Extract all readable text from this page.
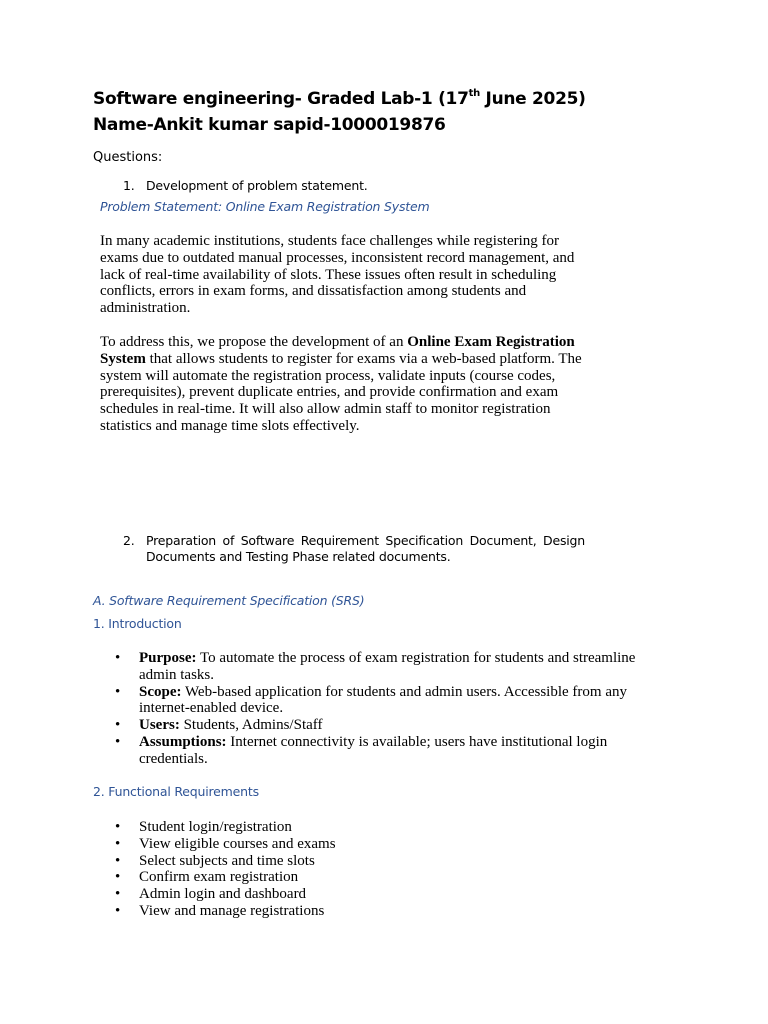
Software engineering- Graded Lab-1 (17th June 2025)
Name-Ankit kumar sapid-1000019876

Questions:

1. Development of problem statement.

Problem Statement: Online Exam Registration System

In many academic institutions, students face challenges while registering for exams due to outdated manual processes, inconsistent record management, and lack of real-time availability of slots. These issues often result in scheduling conflicts, errors in exam forms, and dissatisfaction among students and administration.

To address this, we propose the development of an Online Exam Registration System that allows students to register for exams via a web-based platform. The system will automate the registration process, validate inputs (course codes, prerequisites), prevent duplicate entries, and provide confirmation and exam schedules in real-time. It will also allow admin staff to monitor registration statistics and manage time slots effectively.

2. Preparation of Software Requirement Specification Document, Design
Documents and Testing Phase related documents.

A. Software Requirement Specification (SRS)

1. Introduction

• Purpose: To automate the process of exam registration for students and streamline admin tasks.
• Scope: Web-based application for students and admin users. Accessible from any internet-enabled device.
• Users: Students, Admins/Staff
• Assumptions: Internet connectivity is available; users have institutional login credentials.

2. Functional Requirements

• Student login/registration
• View eligible courses and exams
• Select subjects and time slots
• Confirm exam registration
• Admin login and dashboard
• View and manage registrations
